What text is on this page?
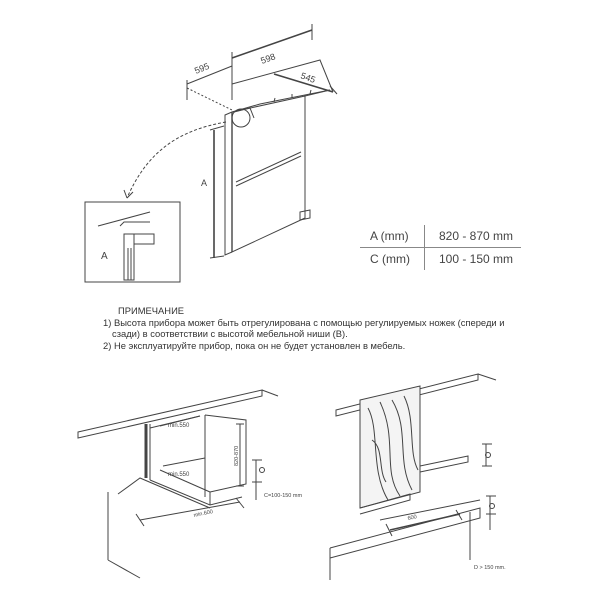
595
598
545
A
A
min.550
min.550
820-870
min.600
C=100-150 mm
600
D > 150 mm.
A (mm)	820 - 870 mm
C (mm)	100 - 150 mm
ПРИМЕЧАНИЕ
1) Высота прибора может быть отрегулирована с помощью регулируемых ножек (спереди и
сзади) в соответствии с высотой мебельной ниши (B).
2) Не эксплуатируйте прибор, пока он не будет установлен в мебель.
